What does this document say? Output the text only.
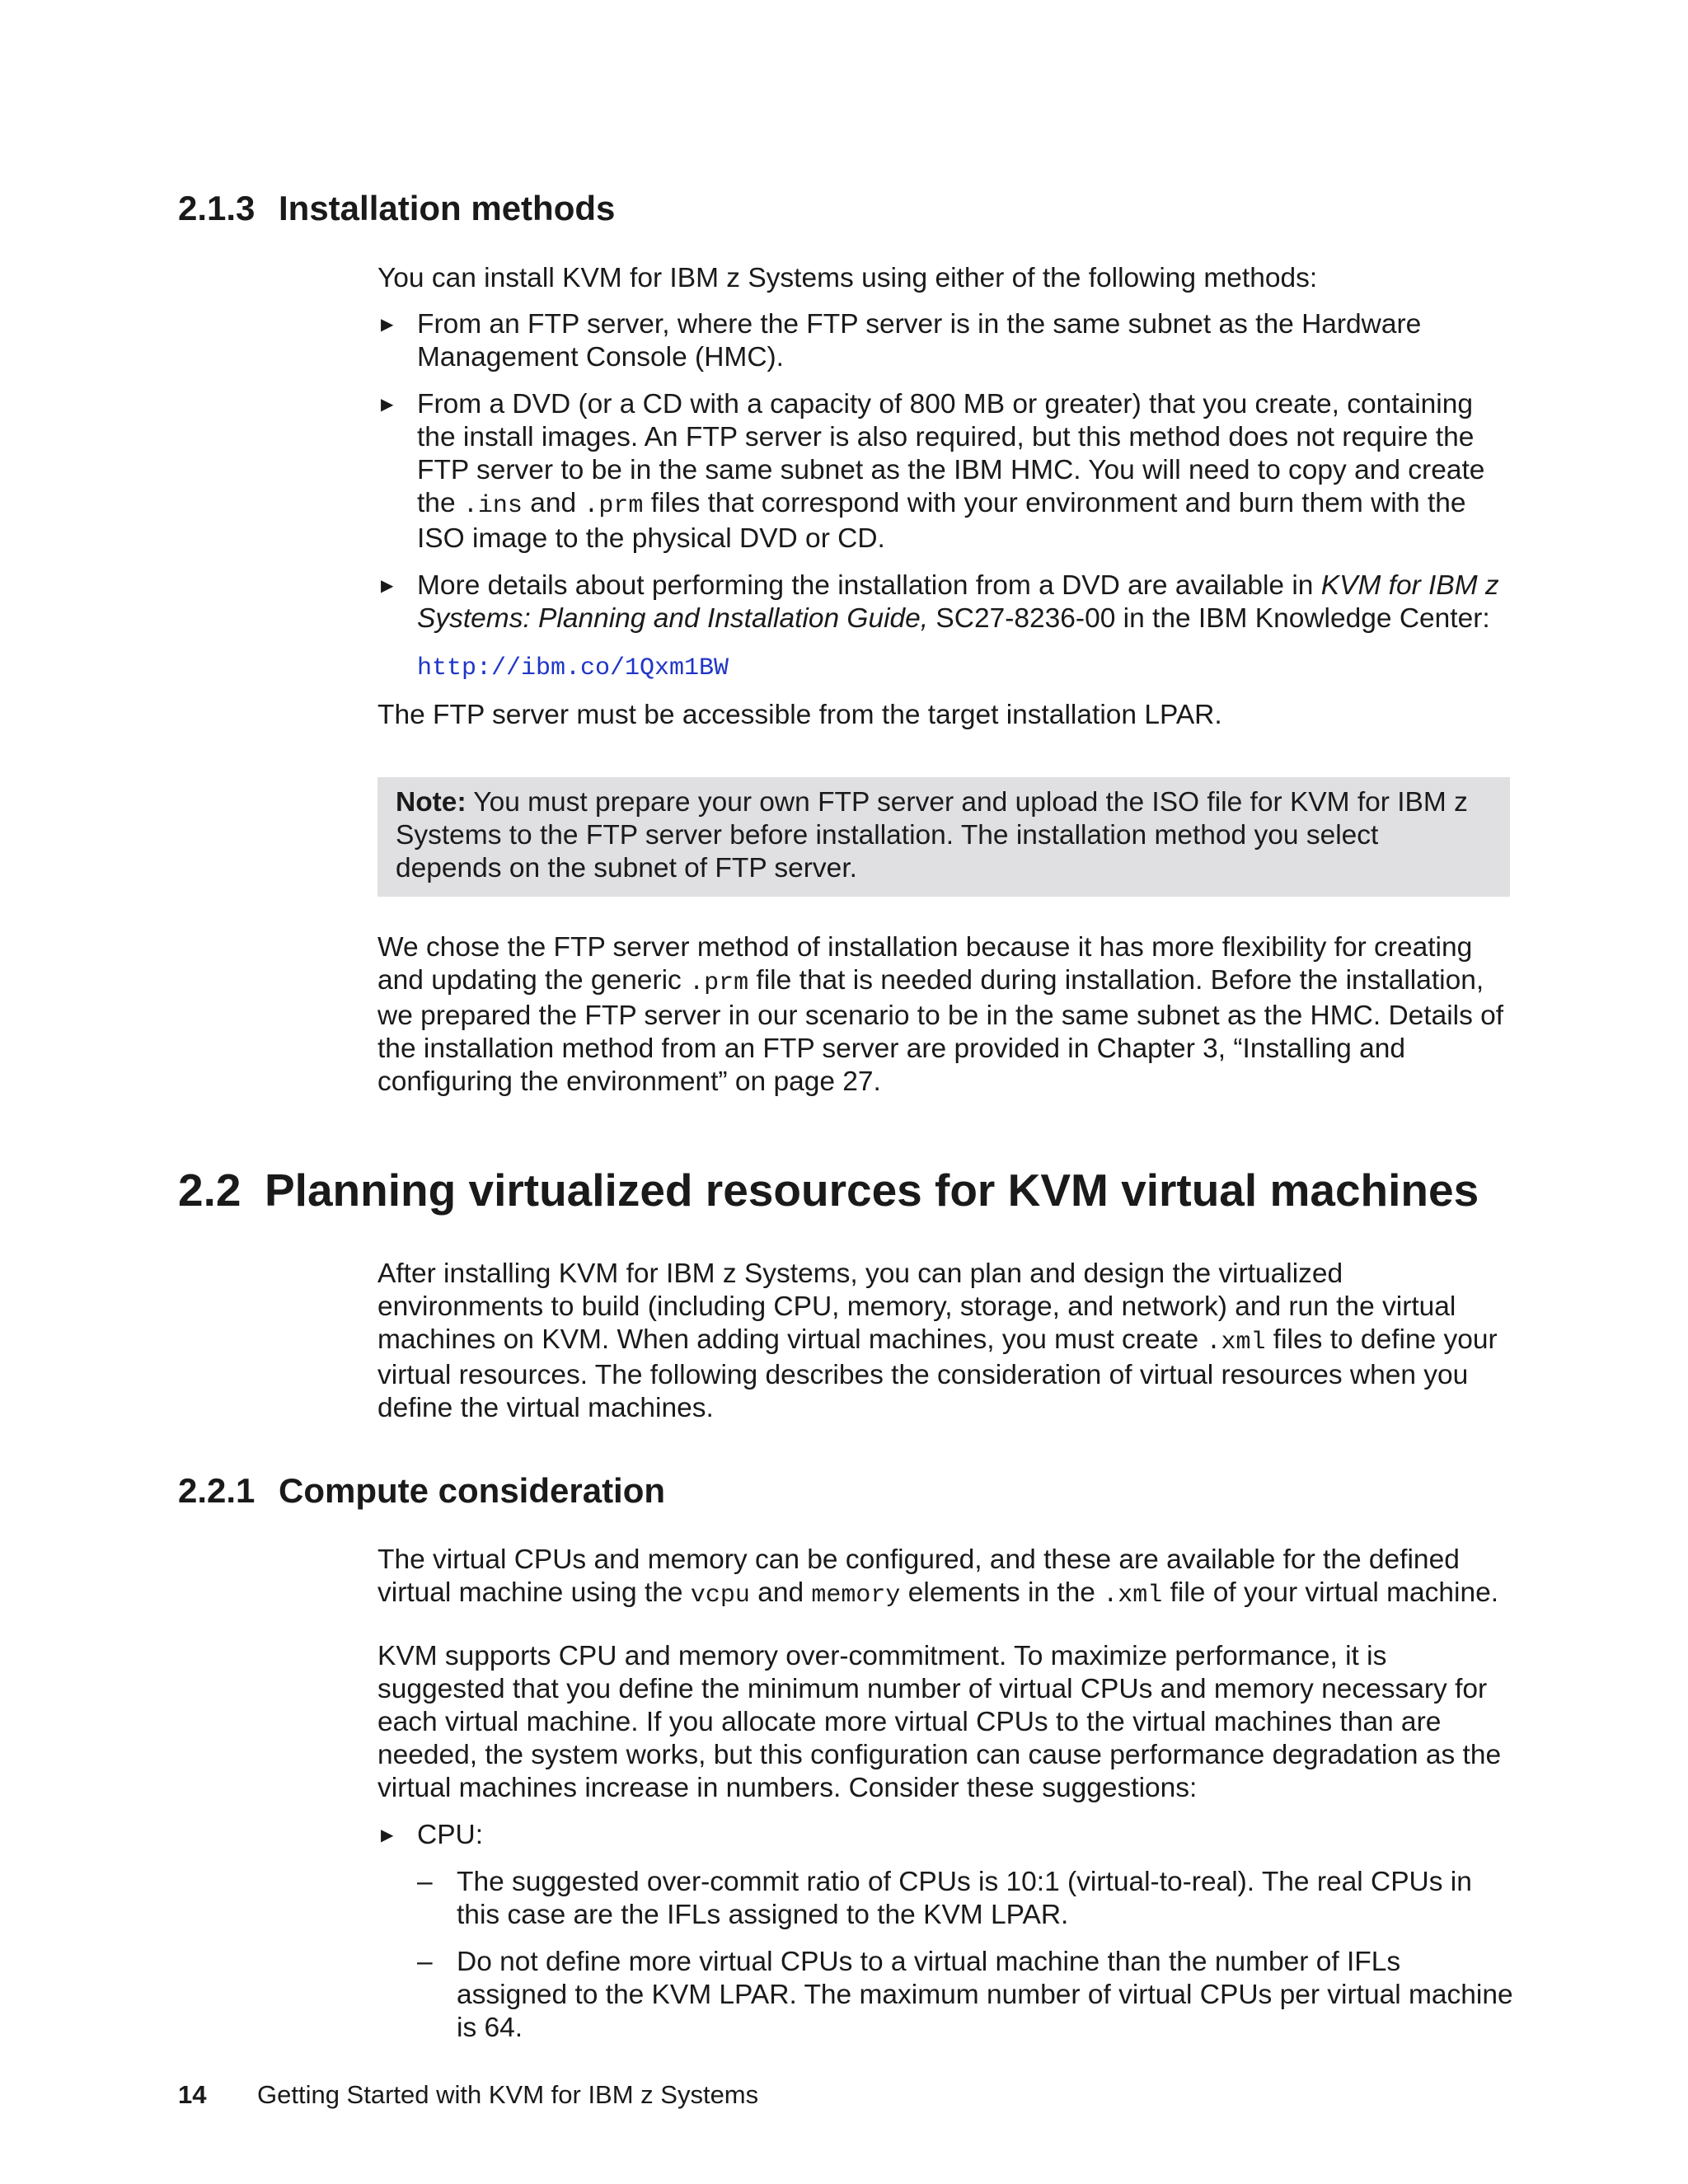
2.1.3 Installation methods

You can install KVM for IBM z Systems using either of the following methods:

▶ From an FTP server, where the FTP server is in the same subnet as the Hardware Management Console (HMC).
▶ From a DVD (or a CD with a capacity of 800 MB or greater) that you create, containing the install images. An FTP server is also required, but this method does not require the FTP server to be in the same subnet as the IBM HMC. You will need to copy and create the .ins and .prm files that correspond with your environment and burn them with the ISO image to the physical DVD or CD.
▶ More details about performing the installation from a DVD are available in KVM for IBM z Systems: Planning and Installation Guide, SC27-8236-00 in the IBM Knowledge Center:
http://ibm.co/1Qxm1BW

The FTP server must be accessible from the target installation LPAR.

Note: You must prepare your own FTP server and upload the ISO file for KVM for IBM z Systems to the FTP server before installation. The installation method you select depends on the subnet of FTP server.

We chose the FTP server method of installation because it has more flexibility for creating and updating the generic .prm file that is needed during installation. Before the installation, we prepared the FTP server in our scenario to be in the same subnet as the HMC. Details of the installation method from an FTP server are provided in Chapter 3, “Installing and configuring the environment” on page 27.

2.2 Planning virtualized resources for KVM virtual machines

After installing KVM for IBM z Systems, you can plan and design the virtualized environments to build (including CPU, memory, storage, and network) and run the virtual machines on KVM. When adding virtual machines, you must create .xml files to define your virtual resources. The following describes the consideration of virtual resources when you define the virtual machines.

2.2.1 Compute consideration

The virtual CPUs and memory can be configured, and these are available for the defined virtual machine using the vcpu and memory elements in the .xml file of your virtual machine.

KVM supports CPU and memory over-commitment. To maximize performance, it is suggested that you define the minimum number of virtual CPUs and memory necessary for each virtual machine. If you allocate more virtual CPUs to the virtual machines than are needed, the system works, but this configuration can cause performance degradation as the virtual machines increase in numbers. Consider these suggestions:

▶ CPU:
– The suggested over-commit ratio of CPUs is 10:1 (virtual-to-real). The real CPUs in this case are the IFLs assigned to the KVM LPAR.
– Do not define more virtual CPUs to a virtual machine than the number of IFLs assigned to the KVM LPAR. The maximum number of virtual CPUs per virtual machine is 64.
14 Getting Started with KVM for IBM z Systems
